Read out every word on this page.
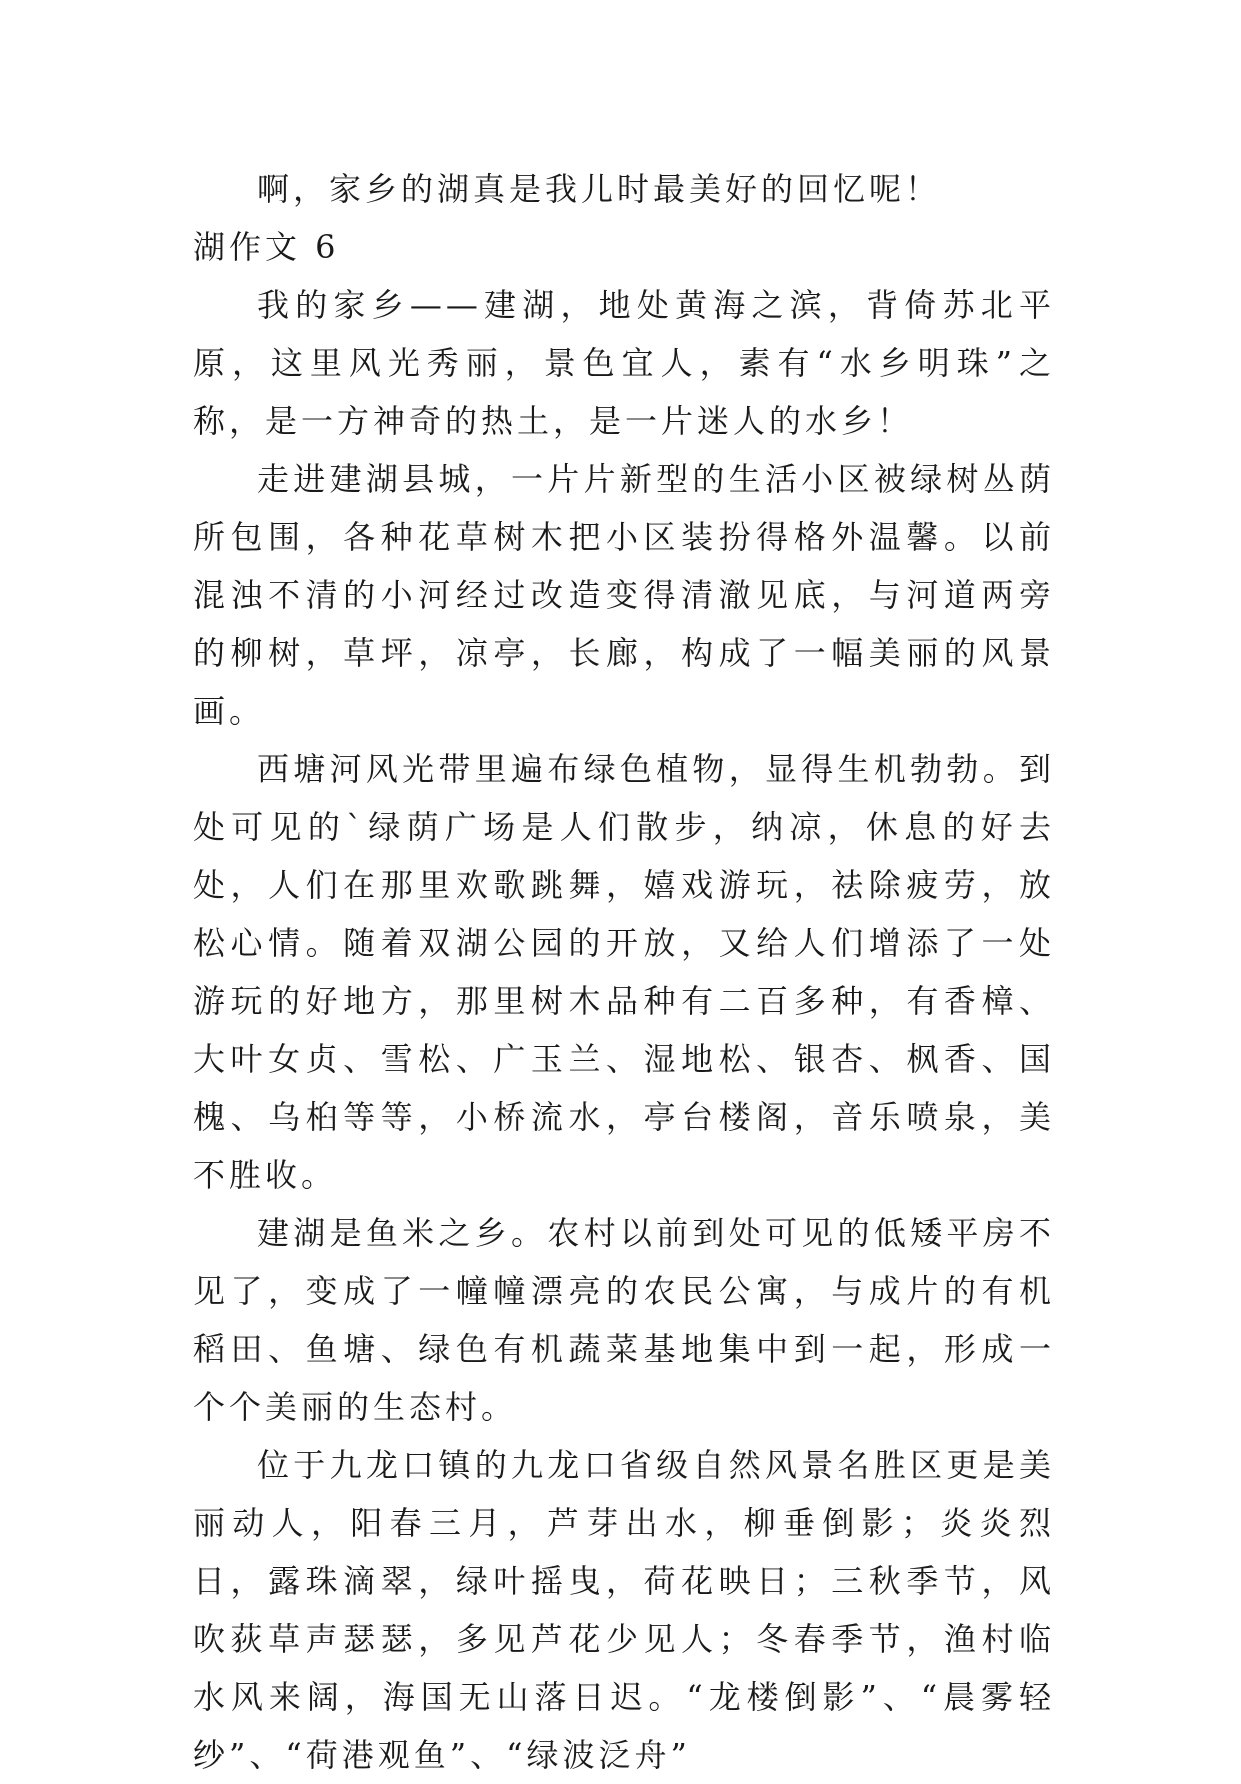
啊，家乡的湖真是我儿时最美好的回忆呢！

湖作文 6

我的家乡——建湖，地处黄海之滨，背倚苏北平原，这里风光秀丽，景色宜人，素有“水乡明珠”之称，是一方神奇的热土，是一片迷人的水乡！

走进建湖县城，一片片新型的生活小区被绿树丛荫所包围，各种花草树木把小区装扮得格外温馨。以前混浊不清的小河经过改造变得清澈见底，与河道两旁的柳树，草坪，凉亭，长廊，构成了一幅美丽的风景画。

西塘河风光带里遍布绿色植物，显得生机勃勃。到处可见的`绿荫广场是人们散步，纳凉，休息的好去处，人们在那里欢歌跳舞，嬉戏游玩，祛除疲劳，放松心情。随着双湖公园的开放，又给人们增添了一处游玩的好地方，那里树木品种有二百多种，有香樟、大叶女贞、雪松、广玉兰、湿地松、银杏、枫香、国槐、乌桕等等，小桥流水，亭台楼阁，音乐喷泉，美不胜收。

建湖是鱼米之乡。农村以前到处可见的低矮平房不见了，变成了一幢幢漂亮的农民公寓，与成片的有机稻田、鱼塘、绿色有机蔬菜基地集中到一起，形成一个个美丽的生态村。

位于九龙口镇的九龙口省级自然风景名胜区更是美丽动人，阳春三月，芦芽出水，柳垂倒影；炎炎烈日，露珠滴翠，绿叶摇曳，荷花映日；三秋季节，风吹荻草声瑟瑟，多见芦花少见人；冬春季节，渔村临水风来阔，海国无山落日迟。“龙楼倒影”、“晨雾轻纱”、“荷港观鱼”、“绿波泛舟”
